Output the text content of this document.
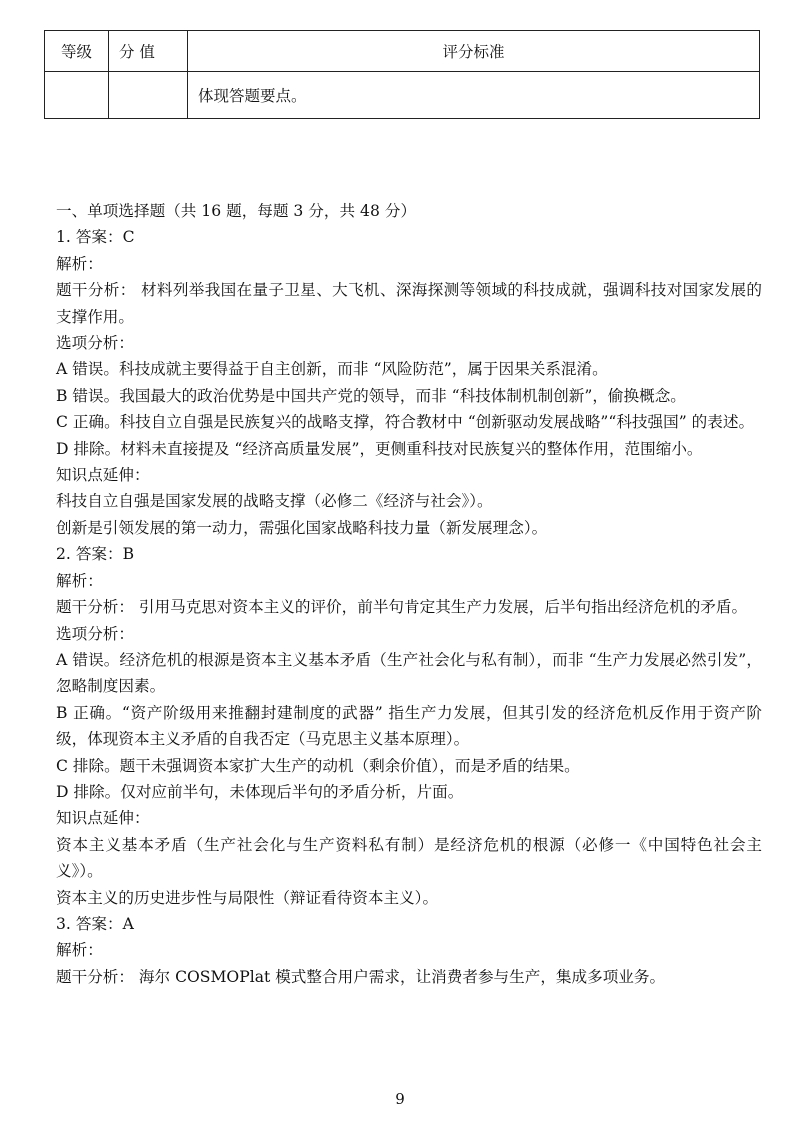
等级	分 值	评分标准
		体现答题要点。

一、单项选择题（共 16 题，每题 3 分，共 48 分）

1. 答案：C

解析：

题干分析： 材料列举我国在量子卫星、大飞机、深海探测等领域的科技成就，强调科技对国家发展的支撑作用。

选项分析：

A 错误。科技成就主要得益于自主创新，而非 “风险防范”，属于因果关系混淆。

B 错误。我国最大的政治优势是中国共产党的领导，而非 “科技体制机制创新”，偷换概念。

C 正确。科技自立自强是民族复兴的战略支撑，符合教材中 “创新驱动发展战略”“科技强国” 的表述。

D 排除。材料未直接提及 “经济高质量发展”，更侧重科技对民族复兴的整体作用，范围缩小。

知识点延伸：

科技自立自强是国家发展的战略支撑（必修二《经济与社会》）。

创新是引领发展的第一动力，需强化国家战略科技力量（新发展理念）。

2. 答案：B

解析：

题干分析： 引用马克思对资本主义的评价，前半句肯定其生产力发展，后半句指出经济危机的矛盾。

选项分析：

A 错误。经济危机的根源是资本主义基本矛盾（生产社会化与私有制），而非 “生产力发展必然引发”，忽略制度因素。

B 正确。“资产阶级用来推翻封建制度的武器” 指生产力发展，但其引发的经济危机反作用于资产阶级，体现资本主义矛盾的自我否定（马克思主义基本原理）。

C 排除。题干未强调资本家扩大生产的动机（剩余价值），而是矛盾的结果。

D 排除。仅对应前半句，未体现后半句的矛盾分析，片面。

知识点延伸：

资本主义基本矛盾（生产社会化与生产资料私有制）是经济危机的根源（必修一《中国特色社会主义》）。

资本主义的历史进步性与局限性（辩证看待资本主义）。

3. 答案：A

解析：

题干分析： 海尔 COSMOPlat 模式整合用户需求，让消费者参与生产，集成多项业务。

9
